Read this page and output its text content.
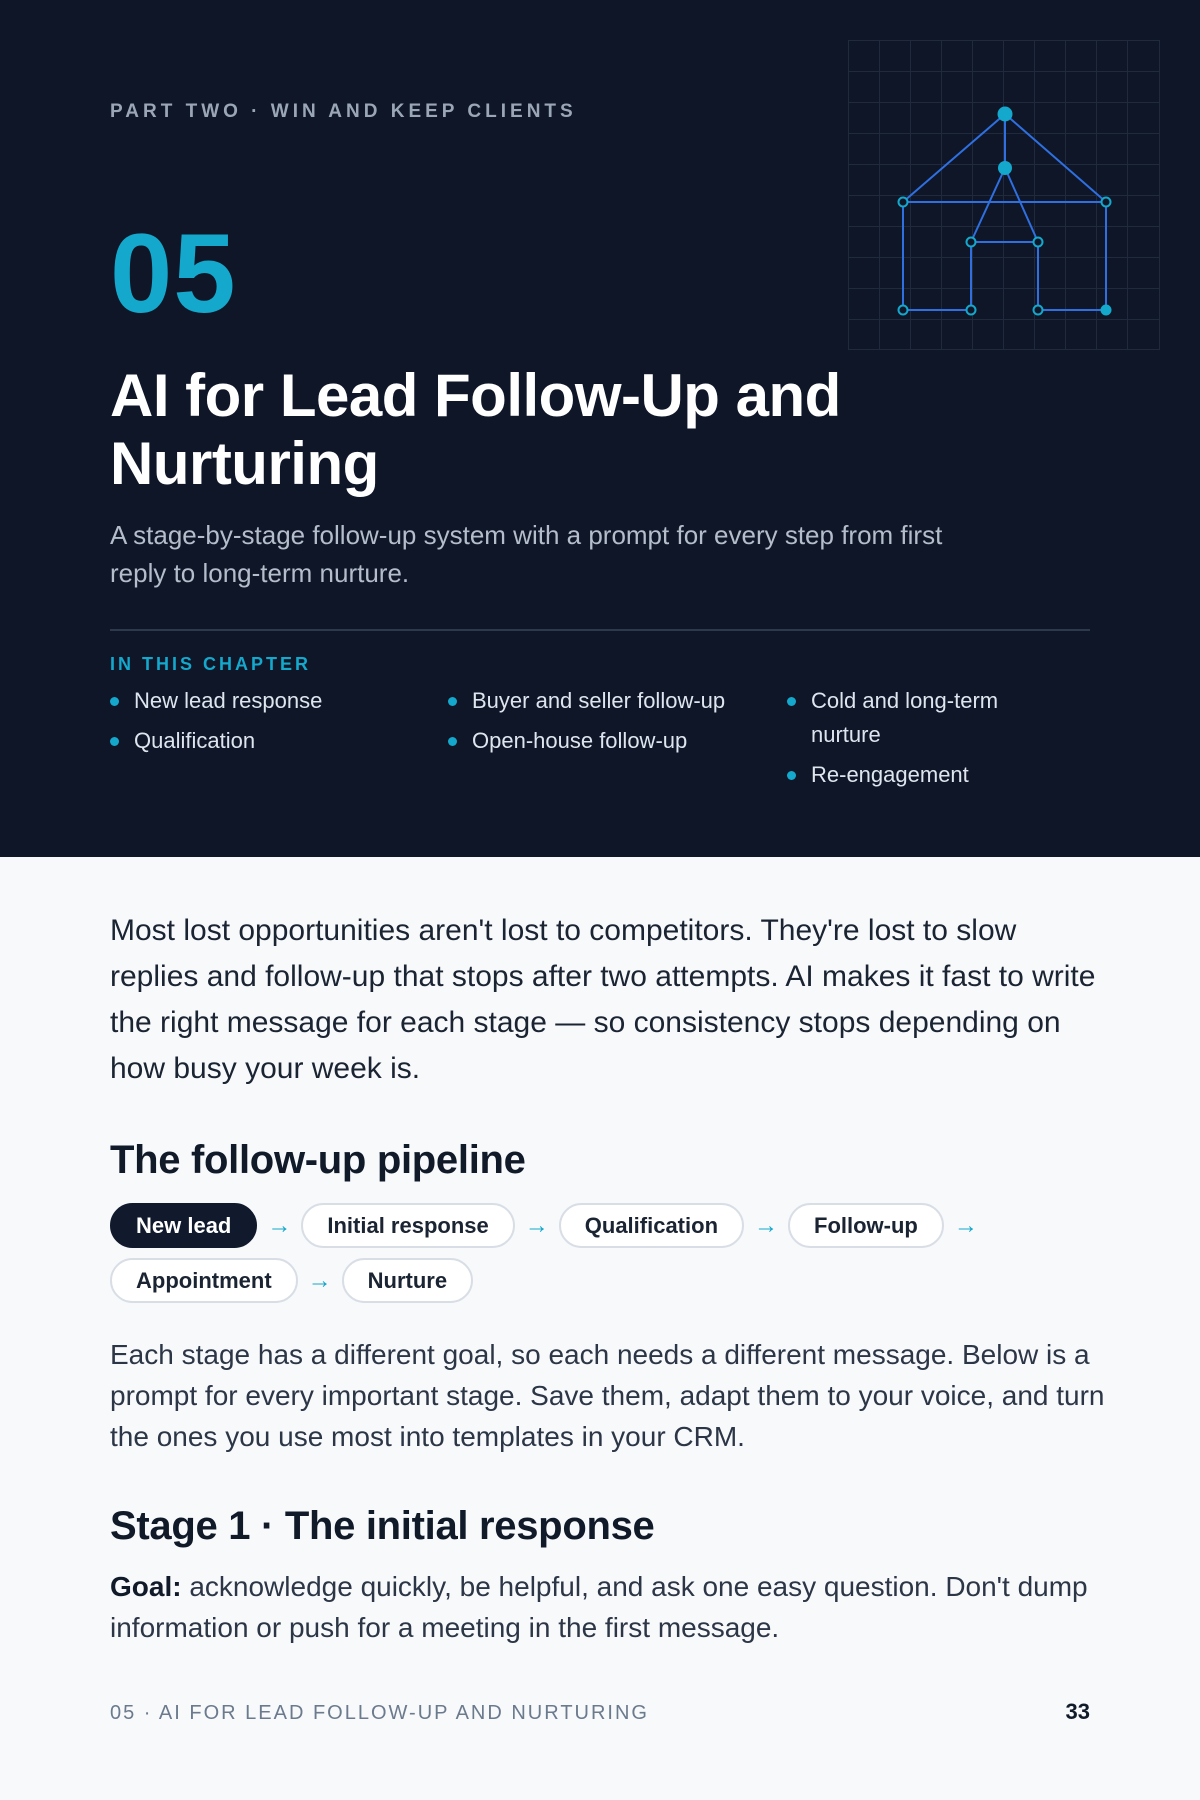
PART TWO · WIN AND KEEP CLIENTS
05
AI for Lead Follow-Up and Nurturing

A stage-by-stage follow-up system with a prompt for every step from first reply to long-term nurture.

IN THIS CHAPTER
New lead response
Qualification
Buyer and seller follow-up
Open-house follow-up
Cold and long-term nurture
Re-engagement

Most lost opportunities aren't lost to competitors. They're lost to slow replies and follow-up that stops after two attempts. AI makes it fast to write the right message for each stage — so consistency stops depending on how busy your week is.

The follow-up pipeline
New lead	→	Initial response	→	Qualification	→	Follow-up	→
Appointment	→	Nurture

Each stage has a different goal, so each needs a different message. Below is a prompt for every important stage. Save them, adapt them to your voice, and turn the ones you use most into templates in your CRM.

Stage 1 · The initial response

Goal: acknowledge quickly, be helpful, and ask one easy question. Don't dump information or push for a meeting in the first message.

05 · AI FOR LEAD FOLLOW-UP AND NURTURING	33
